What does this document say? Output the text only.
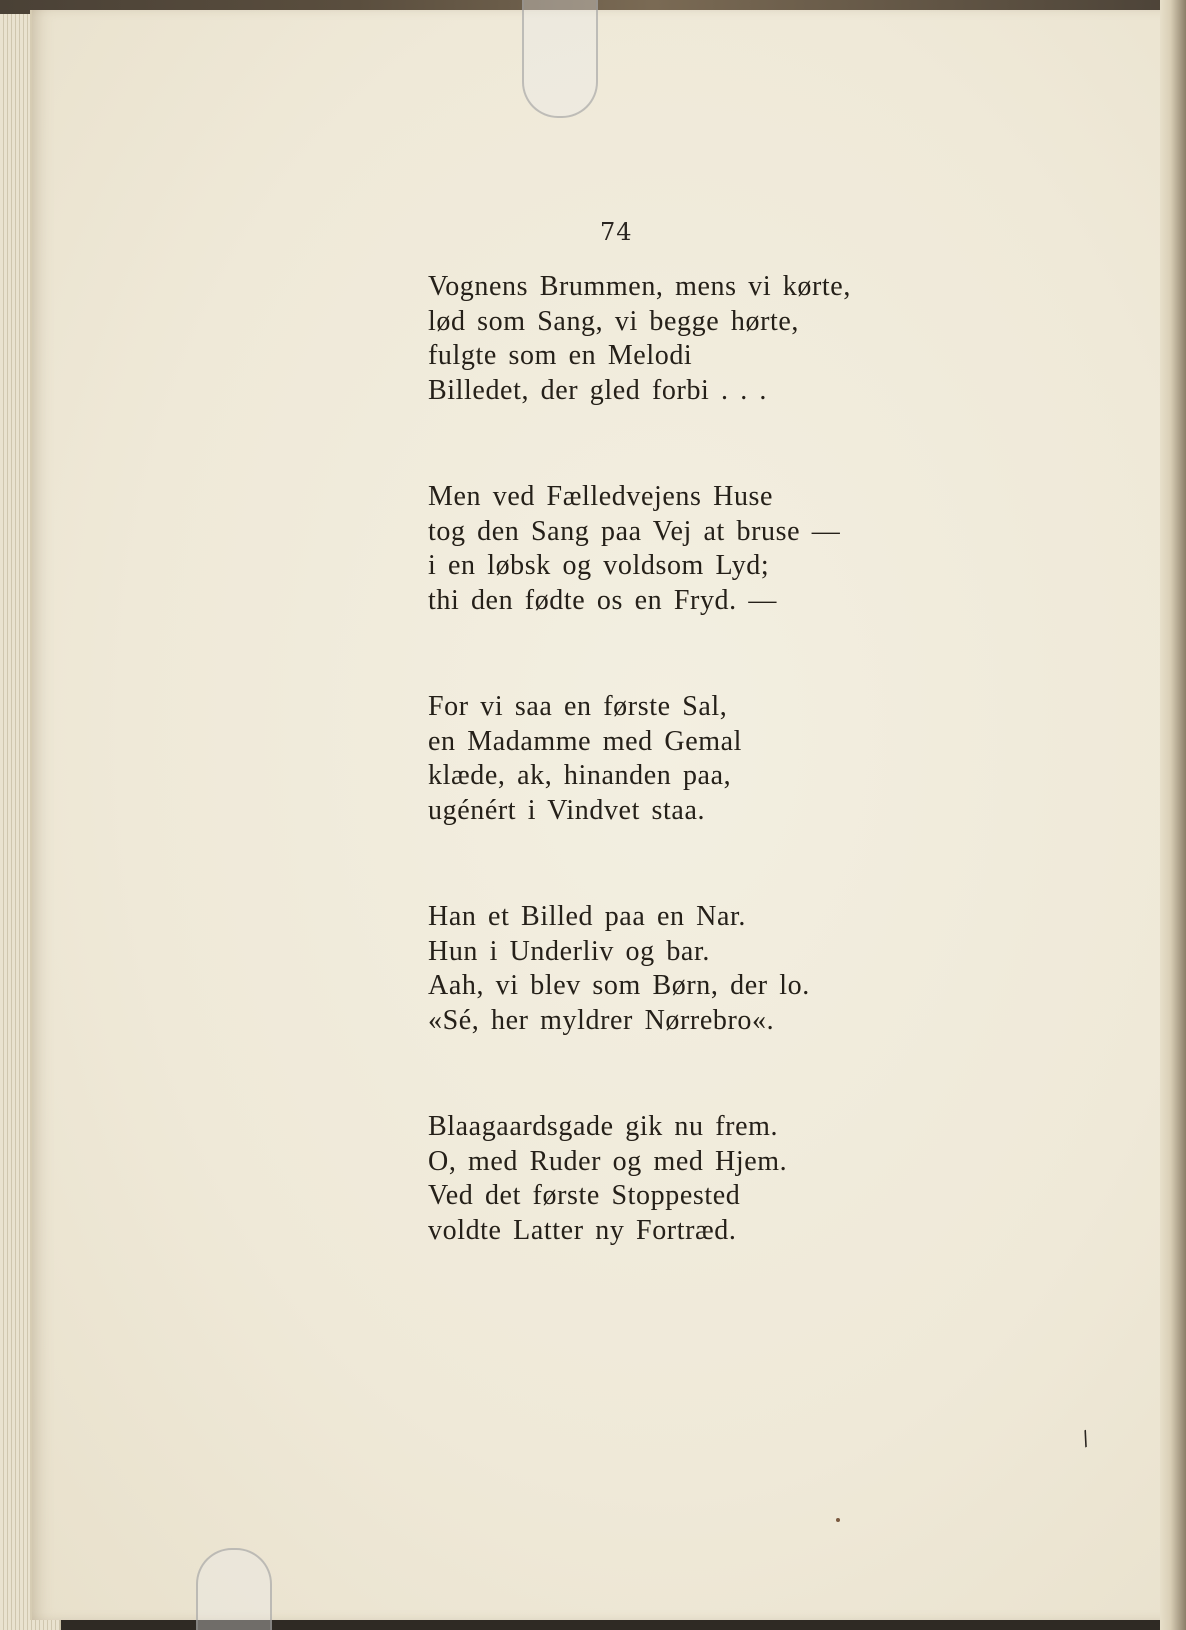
74
Vognens Brummen, mens vi kørte,
lød som Sang, vi begge hørte,
fulgte som en Melodi
Billedet, der gled forbi . . .
Men ved Fælledvejens Huse
tog den Sang paa Vej at bruse —
i en løbsk og voldsom Lyd;
thi den fødte os en Fryd. —
For vi saa en første Sal,
en Madamme med Gemal
klæde, ak, hinanden paa,
ugénért i Vindvet staa.
Han et Billed paa en Nar.
Hun i Underliv og bar.
Aah, vi blev som Børn, der lo.
«Sé, her myldrer Nørrebro«.
Blaagaardsgade gik nu frem.
O, med Ruder og med Hjem.
Ved det første Stoppested
voldte Latter ny Fortræd.
/
